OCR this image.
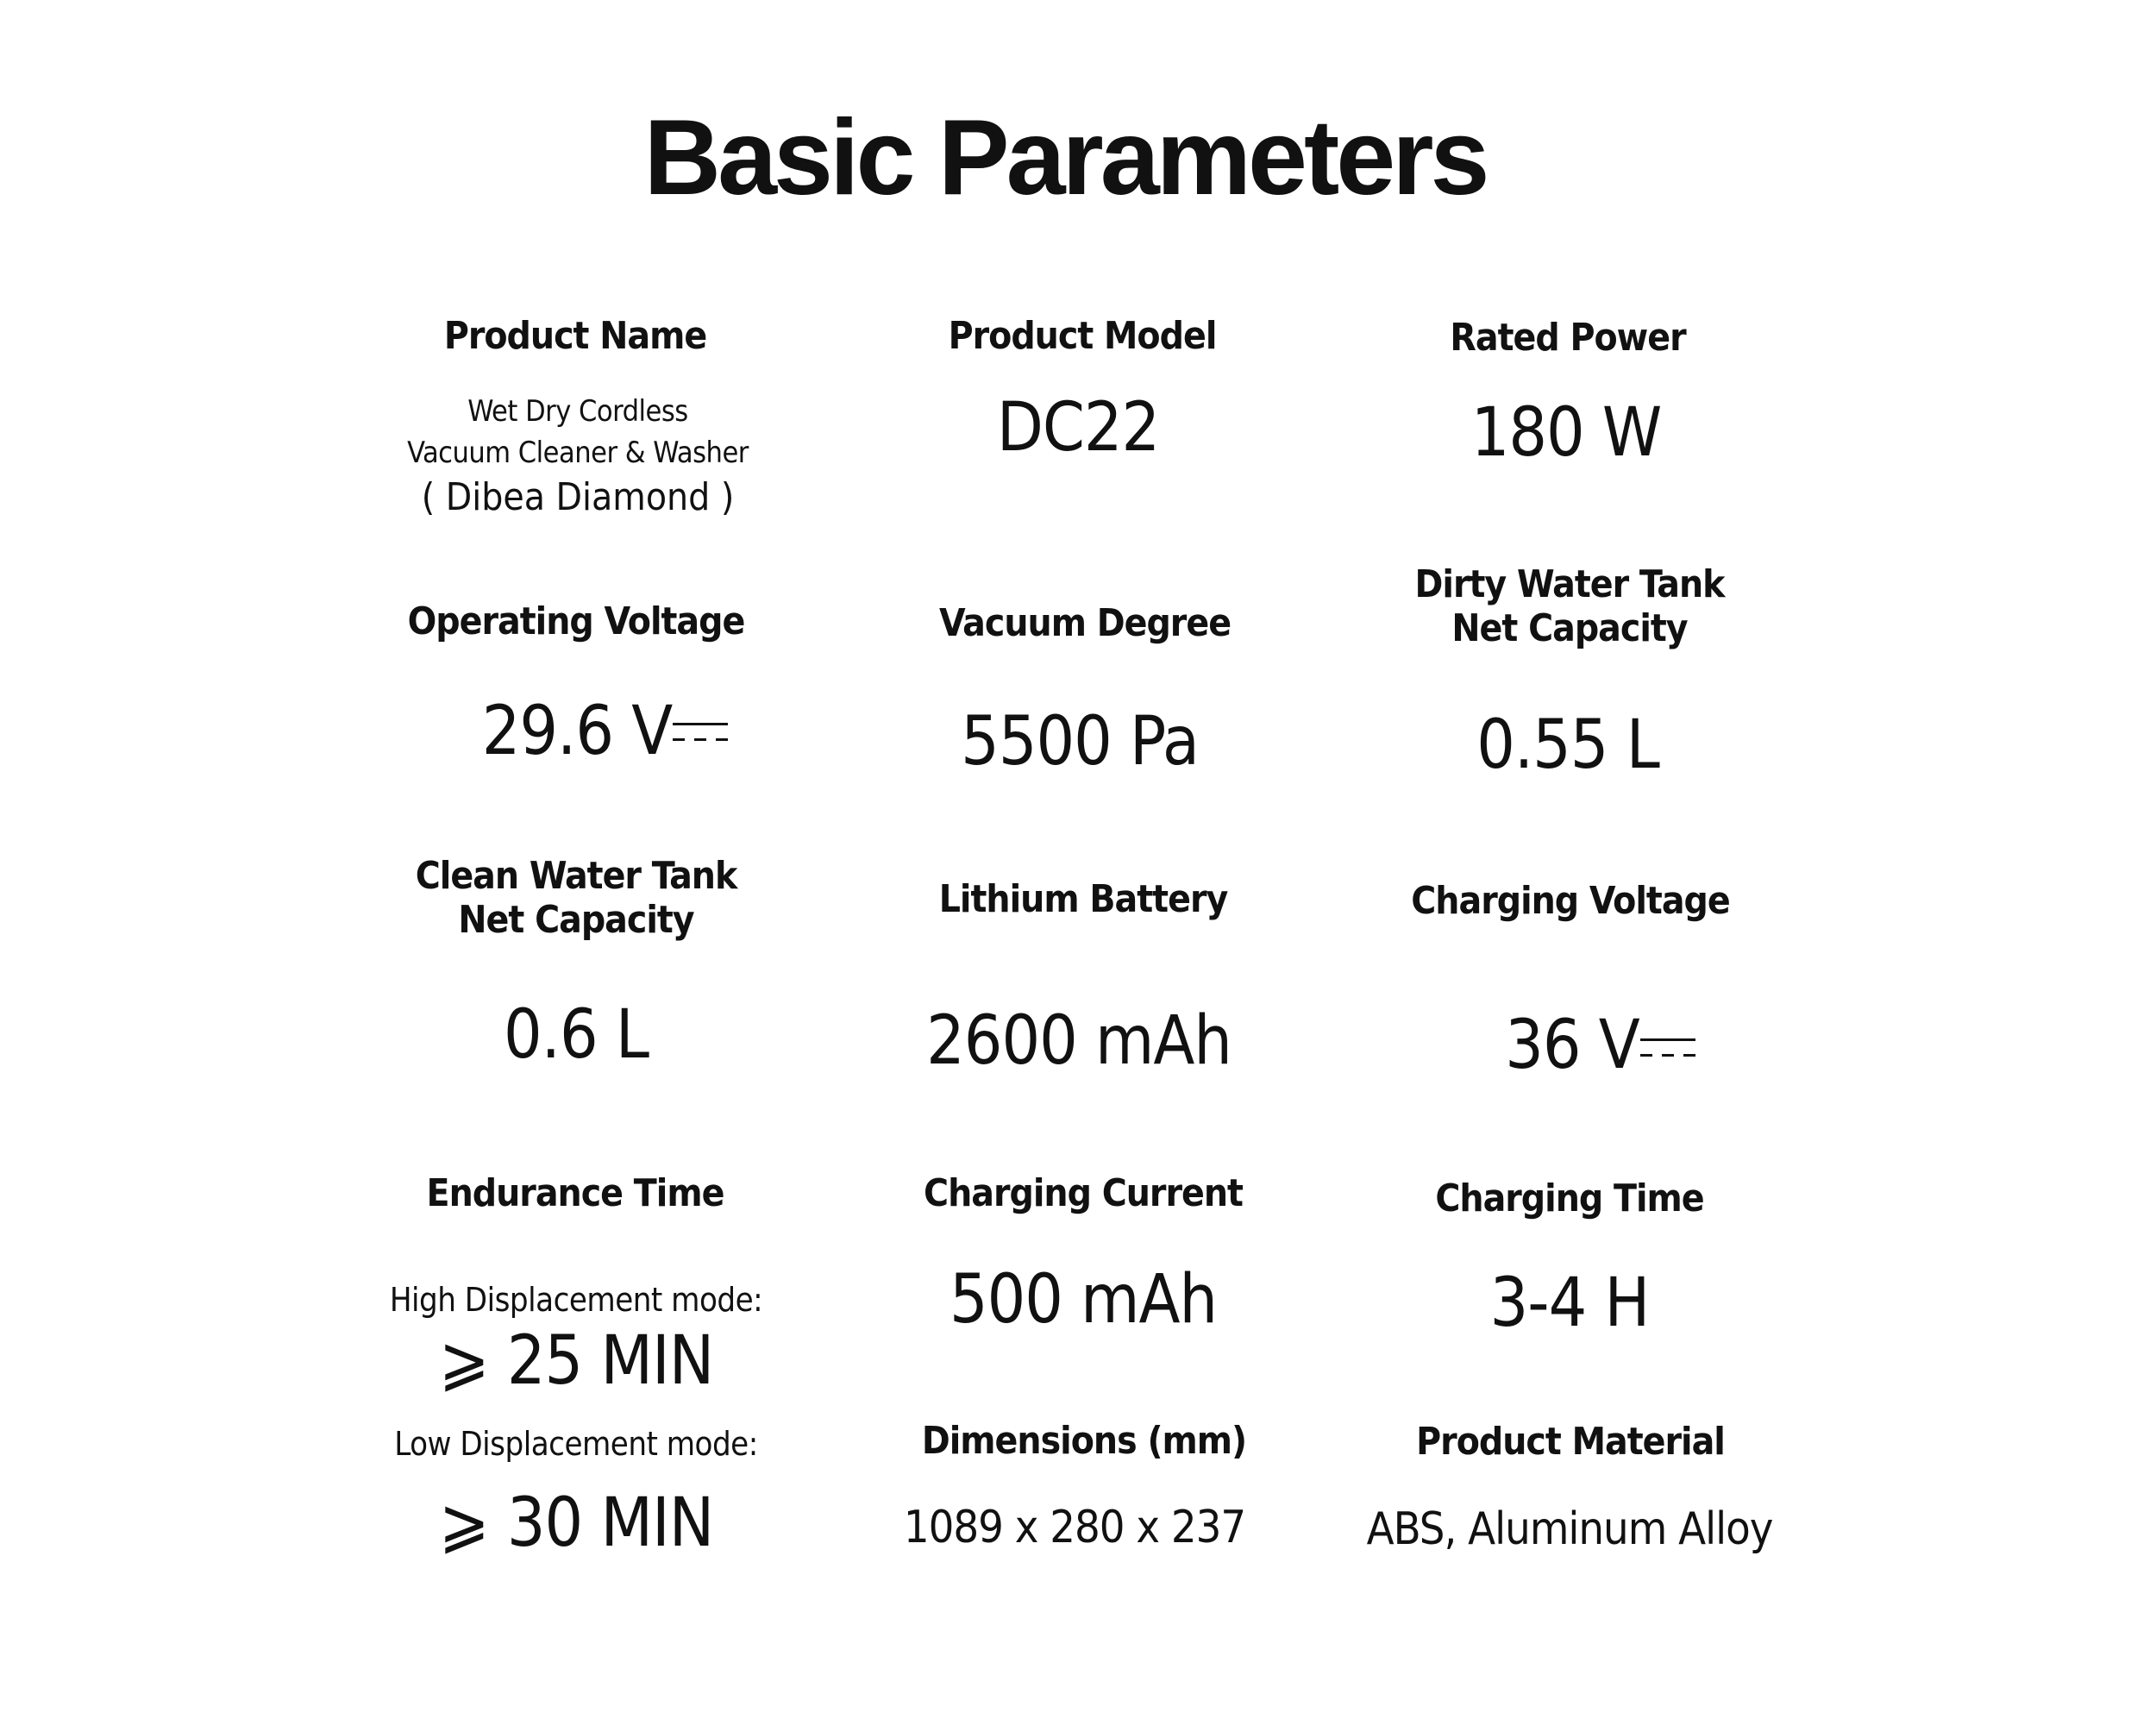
Basic Parameters
Product Name
Wet Dry Cordless
Vacuum Cleaner & Washer
( Dibea Diamond )
Product Model
DC22
Rated Power
180 W
Operating Voltage
29.6 V
Vacuum Degree
5500 Pa
Dirty Water Tank
Net Capacity
0.55 L
Clean Water Tank
Net Capacity
0.6 L
Lithium Battery
2600 mAh
Charging Voltage
36 V
Endurance Time
High Displacement mode:
⩾ 25 MIN
Low Displacement mode:
⩾ 30 MIN
Charging Current
500 mAh
Charging Time
3-4 H
Dimensions (mm)
1089 x 280 x 237
Product Material
ABS, Aluminum Alloy
